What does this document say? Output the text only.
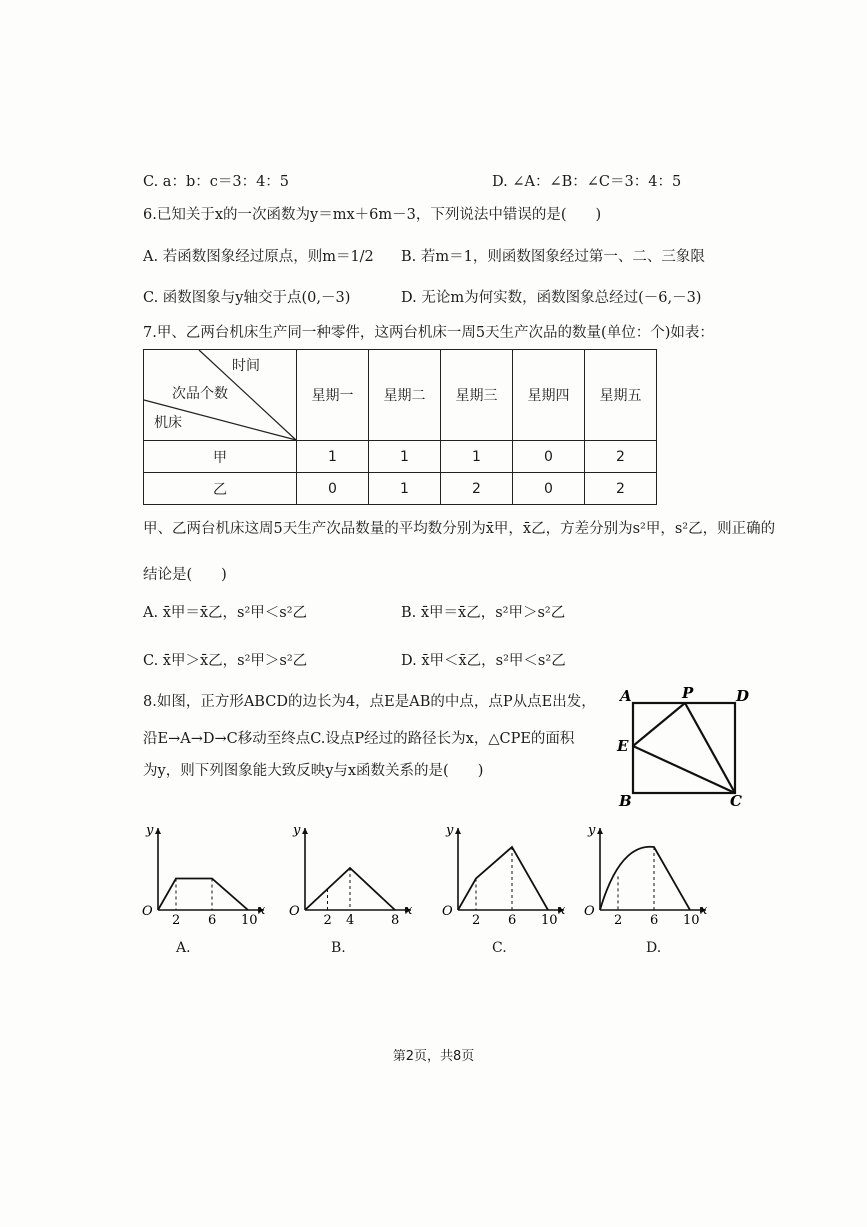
C. a：b：c＝3：4：5	D. ∠A：∠B：∠C＝3：4：5
6.已知关于x的一次函数为y＝mx＋6m－3，下列说法中错误的是(　　)
A. 若函数图象经过原点，则m＝1/2 B. 若m＝1，则函数图象经过第一、二、三象限
C. 函数图象与y轴交于点(0,－3)	D. 无论m为何实数，函数图象总经过(－6,－3)
7.甲、乙两台机床生产同一种零件，这两台机床一周5天生产次品的数量(单位：个)如表：
时间
次品个数
机床	星期一	星期二	星期三	星期四	星期五
甲	1	1	1	0	2
乙	0	1	2	0	2
甲、乙两台机床这周5天生产次品数量的平均数分别为x̄甲，x̄乙，方差分别为s²甲，s²乙，则正确的
结论是(　　)
A. x̄甲＝x̄乙，s²甲＜s²乙	B. x̄甲＝x̄乙，s²甲＞s²乙
C. x̄甲＞x̄乙，s²甲＞s²乙	D. x̄甲＜x̄乙，s²甲＜s²乙
8.如图，正方形ABCD的边长为4，点E是AB的中点，点P从点E出发，
沿E→A→D→C移动至终点C.设点P经过的路径长为x，△CPE的面积
为y，则下列图象能大致反映y与x函数关系的是(　　)
A	P	D
E
B	C
O	x
y
2 6 10
O	x
y
2 4	8
O	x
y
2 6 10
O	x
y
2 6 10
A.	B.	C.	D.
第2页，共8页
